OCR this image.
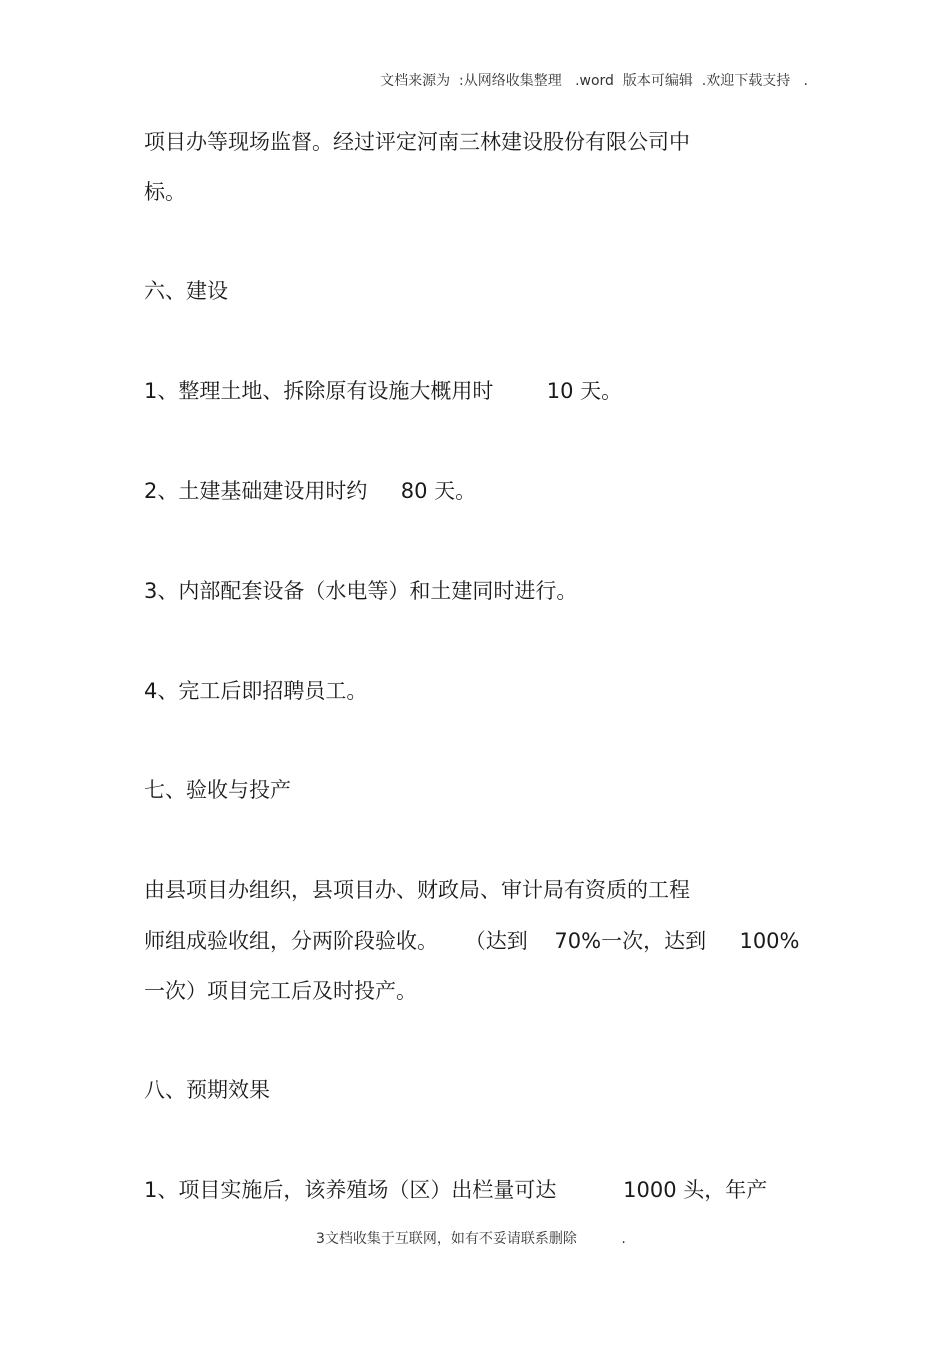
文档来源为  :从网络收集整理   .word  版本可编辑  .欢迎下载支持   .
项目办等现场监督。经过评定河南三林建设股份有限公司中
标。
六、建设
1、整理土地、拆除原有设施大概用时        10 天。
2、土建基础建设用时约     80 天。
3、内部配套设备（水电等）和土建同时进行。
4、完工后即招聘员工。
七、验收与投产
由县项目办组织，县项目办、财政局、审计局有资质的工程
师组成验收组，分两阶段验收。    （达到    70%一次，达到     100%
一次）项目完工后及时投产。
八、预期效果
1、项目实施后，该养殖场（区）出栏量可达          1000 头，年产
3文档收集于互联网，如有不妥请联系删除          .
